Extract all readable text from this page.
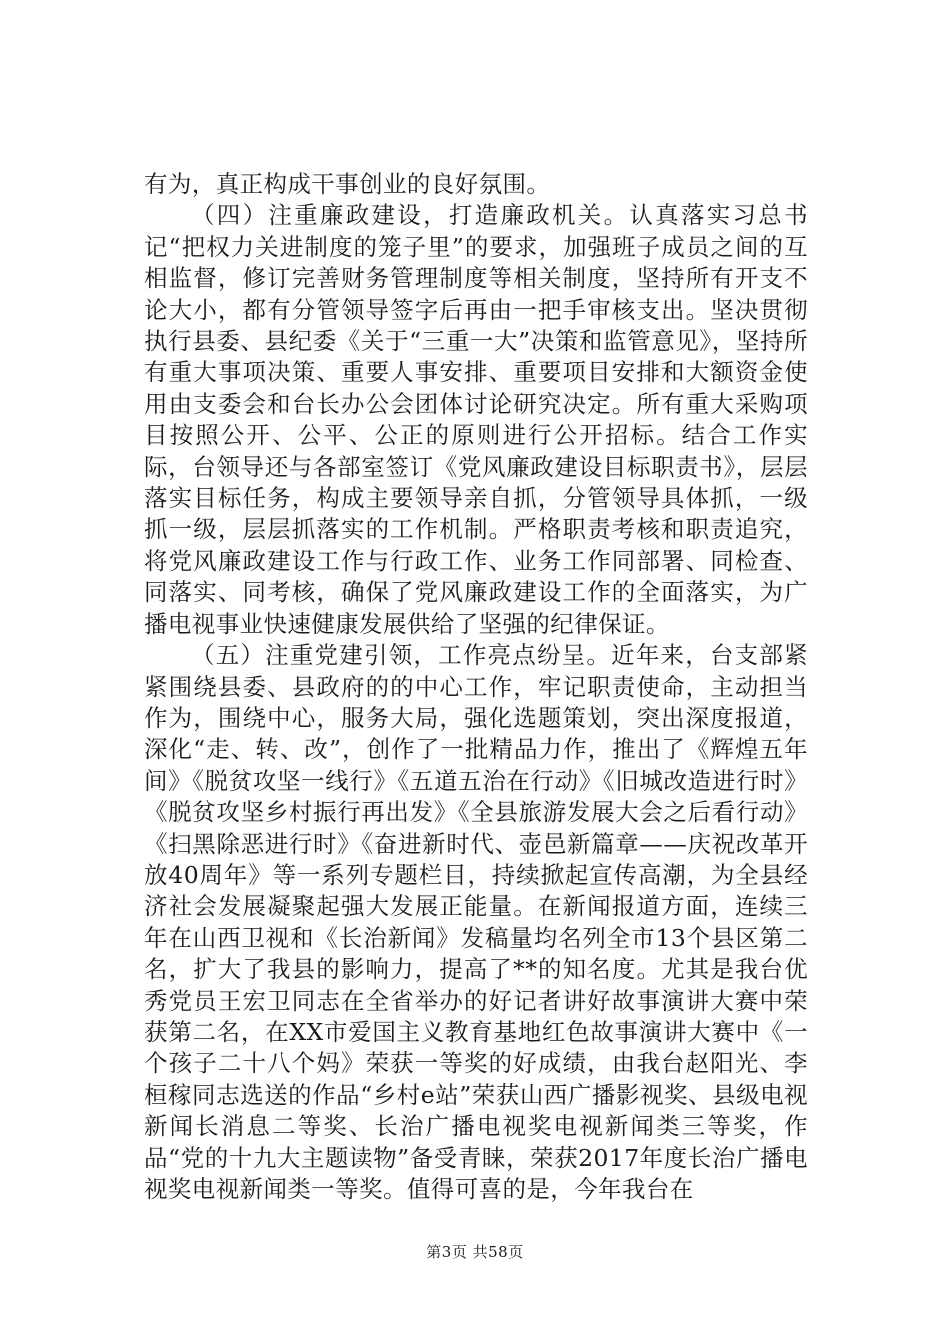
有为，真正构成干事创业的良好氛围。

（四）注重廉政建设，打造廉政机关。认真落实习总书记“把权力关进制度的笼子里”的要求，加强班子成员之间的互相监督，修订完善财务管理制度等相关制度，坚持所有开支不论大小，都有分管领导签字后再由一把手审核支出。坚决贯彻执行县委、县纪委《关于“三重一大”决策和监管意见》，坚持所有重大事项决策、重要人事安排、重要项目安排和大额资金使用由支委会和台长办公会团体讨论研究决定。所有重大采购项目按照公开、公平、公正的原则进行公开招标。结合工作实际，台领导还与各部室签订《党风廉政建设目标职责书》，层层落实目标任务，构成主要领导亲自抓，分管领导具体抓，一级抓一级，层层抓落实的工作机制。严格职责考核和职责追究，将党风廉政建设工作与行政工作、业务工作同部署、同检查、同落实、同考核，确保了党风廉政建设工作的全面落实，为广播电视事业快速健康发展供给了坚强的纪律保证。

（五）注重党建引领，工作亮点纷呈。近年来，台支部紧紧围绕县委、县政府的的中心工作，牢记职责使命，主动担当作为，围绕中心，服务大局，强化选题策划，突出深度报道，深化“走、转、改”，创作了一批精品力作，推出了《辉煌五年间》《脱贫攻坚一线行》《五道五治在行动》《旧城改造进行时》《脱贫攻坚乡村振行再出发》《全县旅游发展大会之后看行动》《扫黑除恶进行时》《奋进新时代、壶邑新篇章——庆祝改革开放40周年》等一系列专题栏目，持续掀起宣传高潮，为全县经济社会发展凝聚起强大发展正能量。在新闻报道方面，连续三年在山西卫视和《长治新闻》发稿量均名列全市13个县区第二名，扩大了我县的影响力，提高了**的知名度。尤其是我台优秀党员王宏卫同志在全省举办的好记者讲好故事演讲大赛中荣获第二名，在XX市爱国主义教育基地红色故事演讲大赛中《一个孩子二十八个妈》荣获一等奖的好成绩，由我台赵阳光、李桓稼同志选送的作品“乡村e站”荣获山西广播影视奖、县级电视新闻长消息二等奖、长治广播电视奖电视新闻类三等奖，作品“党的十九大主题读物”备受青睐，荣获2017年度长治广播电视奖电视新闻类一等奖。值得可喜的是，今年我台在

第3页 共58页
